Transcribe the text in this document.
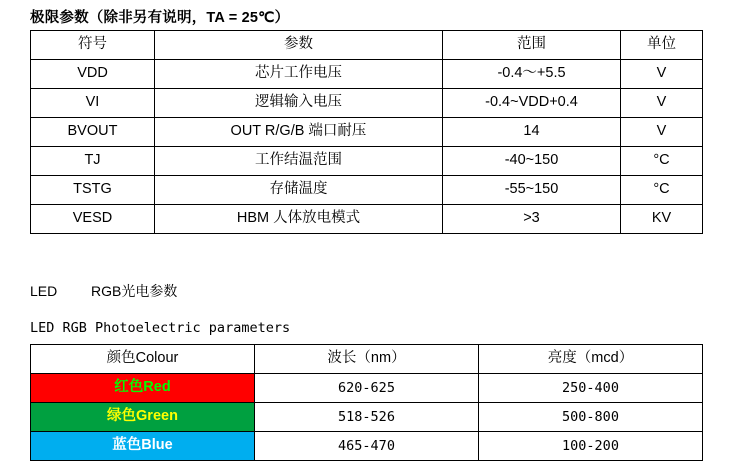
极限参数（除非另有说明，TA = 25℃）
符号	参数	范围	单位
VDD	芯片工作电压	-0.4～+5.5	V
VI	逻辑输入电压	-0.4~VDD+0.4	V
BVOUT	OUT R/G/B 端口耐压	14	V
TJ	工作结温范围	-40~150	°C
TSTG	存储温度	-55~150	°C
VESD	HBM 人体放电模式	>3	KV
LED RGB光电参数
LED RGB Photoelectric parameters
颜色Colour	波长（nm）	亮度（mcd）
红色Red	620-625	250-400
绿色Green	518-526	500-800
蓝色Blue	465-470	100-200
